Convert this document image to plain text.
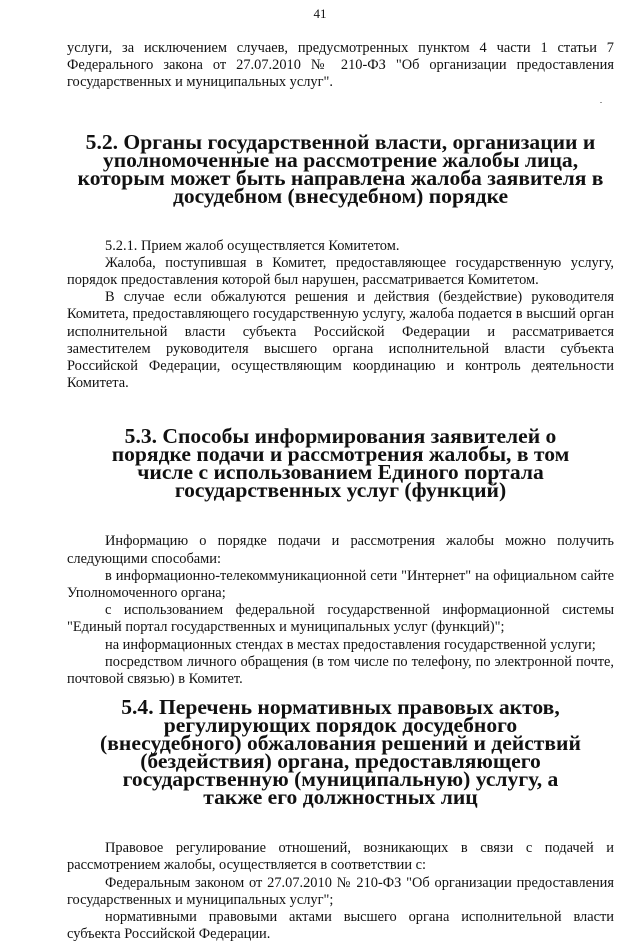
41

услуги, за исключением случаев, предусмотренных пунктом 4 части 1 статьи 7 Федерального закона от 27.07.2010 № 210-ФЗ "Об организации предоставления государственных и муниципальных услуг".

5.2. Органы государственной власти, организации и уполномоченные на рассмотрение жалобы лица, которым может быть направлена жалоба заявителя в досудебном (внесудебном) порядке

5.2.1. Прием жалоб осуществляется Комитетом.

Жалоба, поступившая в Комитет, предоставляющее государственную услугу, порядок предоставления которой был нарушен, рассматривается Комитетом.

В случае если обжалуются решения и действия (бездействие) руководителя Комитета, предоставляющего государственную услугу, жалоба подается в высший орган исполнительной власти субъекта Российской Федерации и рассматривается заместителем руководителя высшего органа исполнительной власти субъекта Российской Федерации, осуществляющим координацию и контроль деятельности Комитета.

5.3. Способы информирования заявителей о порядке подачи и рассмотрения жалобы, в том числе с использованием Единого портала государственных услуг (функций)

Информацию о порядке подачи и рассмотрения жалобы можно получить следующими способами:

в информационно-телекоммуникационной сети "Интернет" на официальном сайте Уполномоченного органа;

с использованием федеральной государственной информационной системы "Единый портал государственных и муниципальных услуг (функций)";

на информационных стендах в местах предоставления государственной услуги;

посредством личного обращения (в том числе по телефону, по электронной почте, почтовой связью) в Комитет.

5.4. Перечень нормативных правовых актов, регулирующих порядок досудебного (внесудебного) обжалования решений и действий (бездействия) органа, предоставляющего государственную (муниципальную) услугу, а также его должностных лиц

Правовое регулирование отношений, возникающих в связи с подачей и рассмотрением жалобы, осуществляется в соответствии с:

Федеральным законом от 27.07.2010 № 210-ФЗ "Об организации предоставления государственных и муниципальных услуг";

нормативными правовыми актами высшего органа исполнительной власти субъекта Российской Федерации.
